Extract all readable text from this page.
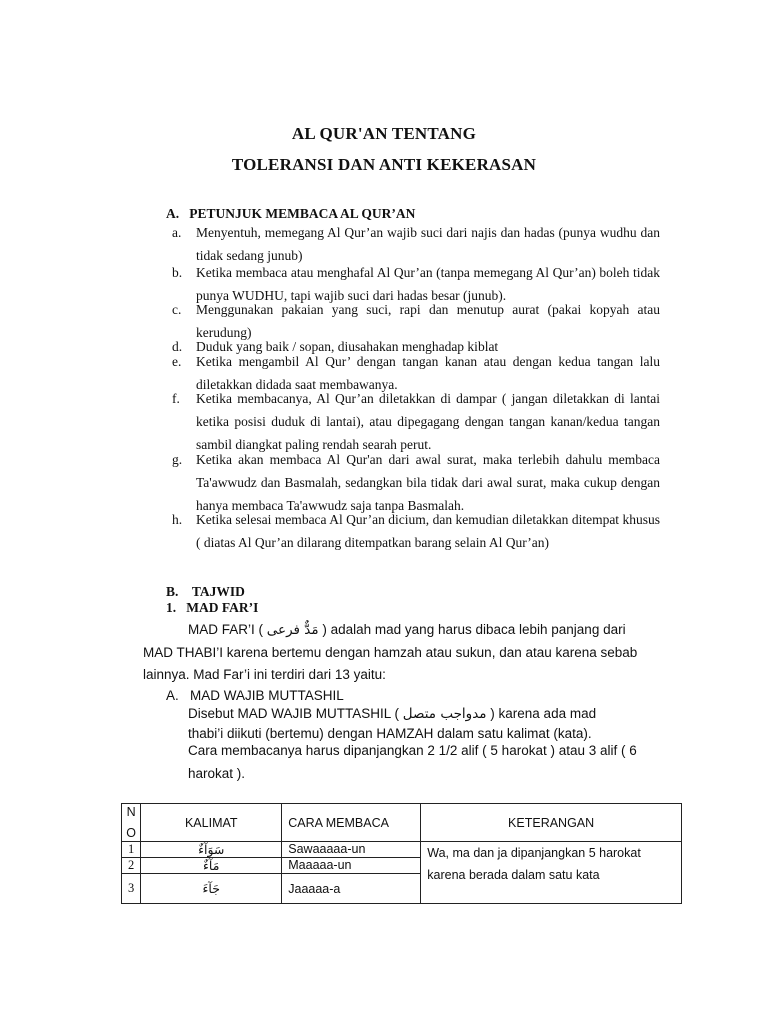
AL QUR'AN TENTANG
TOLERANSI DAN ANTI KEKERASAN
A.   PETUNJUK MEMBACA AL QUR’AN
a.	Menyentuh, memegang Al Qur’an wajib suci dari najis dan hadas (punya wudhu dan tidak sedang junub)
b.	Ketika membaca atau menghafal Al Qur’an (tanpa memegang Al Qur’an) boleh tidak punya WUDHU, tapi wajib suci dari hadas besar (junub).
c.	Menggunakan pakaian yang suci, rapi dan menutup aurat (pakai kopyah atau kerudung)
d.	Duduk yang baik / sopan, diusahakan menghadap kiblat
e.	Ketika mengambil Al Qur’ dengan tangan kanan atau dengan kedua tangan lalu diletakkan didada saat membawanya.
f.	Ketika membacanya, Al Qur’an diletakkan di dampar ( jangan diletakkan di lantai ketika posisi duduk di lantai), atau dipegagang dengan tangan kanan/kedua tangan sambil diangkat paling rendah searah perut.
g.	Ketika akan membaca Al Qur'an dari awal surat, maka terlebih dahulu membaca Ta'awwudz dan Basmalah, sedangkan bila tidak dari awal surat, maka cukup dengan hanya membaca Ta'awwudz saja tanpa Basmalah.
h.	Ketika selesai membaca Al Qur’an dicium, dan kemudian diletakkan ditempat khusus ( diatas Al Qur’an dilarang ditempatkan barang selain Al Qur’an)
B.    TAJWID
1.   MAD FAR’I
MAD FAR’I ( مَدٌّ فرعى ) adalah mad yang harus dibaca lebih panjang dari
MAD THABI’I karena bertemu dengan hamzah atau sukun, dan atau karena sebab
lainnya. Mad Far’i ini terdiri dari 13 yaitu:
A.   MAD WAJIB MUTTASHIL
Disebut MAD WAJIB MUTTASHIL ( مدواجب متصل ) karena ada mad
thabi’i diikuti (bertemu) dengan HAMZAH dalam satu kalimat (kata).
Cara membacanya harus dipanjangkan 2 1/2 alif ( 5 harokat ) atau 3 alif ( 6
harokat ).
N
O	KALIMAT	CARA MEMBACA	KETERANGAN
1	سَوَآءٌ	Sawaaaaa-un	Wa, ma dan ja dipanjangkan 5 harokat karena berada dalam satu kata
2	مَآءٌ	Maaaaa-un	
3	جَآءَ	Jaaaaa-a	
